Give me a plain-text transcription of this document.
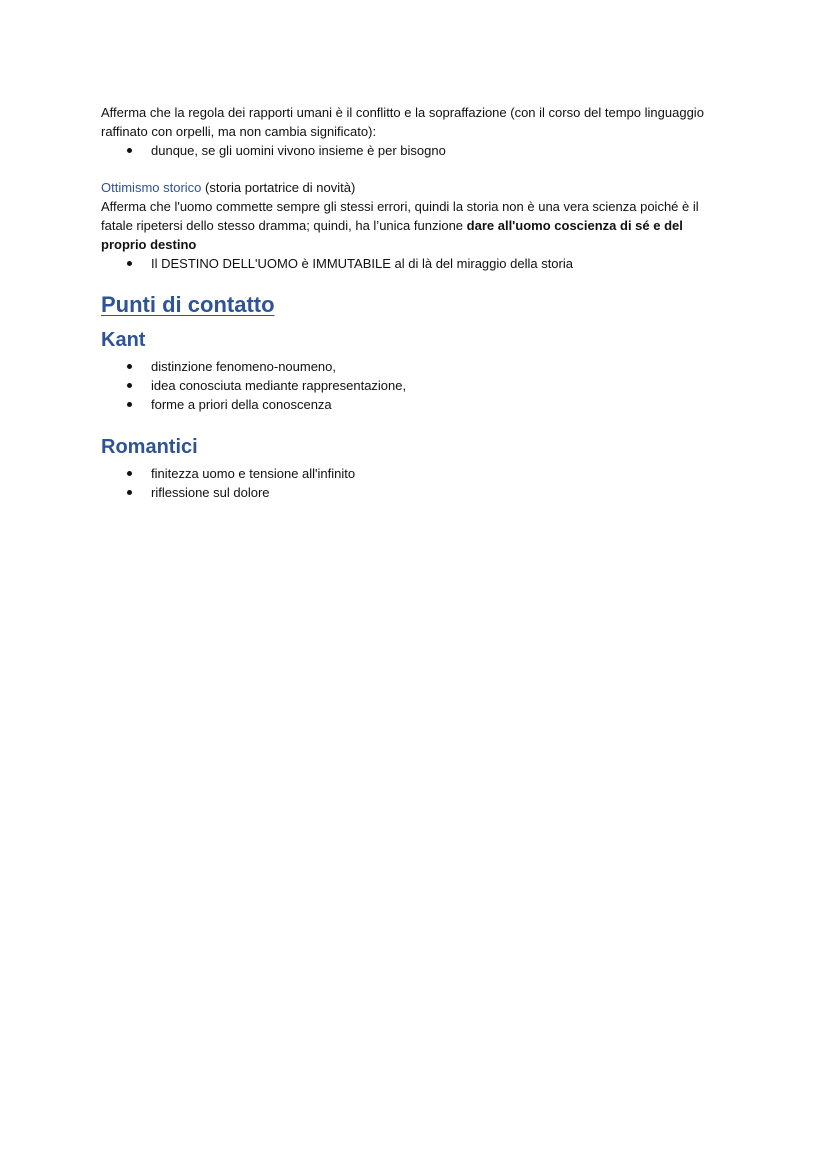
Afferma che la regola dei rapporti umani è il conflitto e la sopraffazione (con il corso del tempo linguaggio raffinato con orpelli, ma non cambia significato):

dunque, se gli uomini vivono insieme è per bisogno

Ottimismo storico (storia portatrice di novità)

Afferma che l'uomo commette sempre gli stessi errori, quindi la storia non è una vera scienza poiché è il fatale ripetersi dello stesso dramma; quindi, ha l’unica funzione dare all'uomo coscienza di sé e del proprio destino

Il DESTINO DELL'UOMO è IMMUTABILE al di là del miraggio della storia
Punti di contatto
Kant
distinzione fenomeno-noumeno,
idea conosciuta mediante rappresentazione,
forme a priori della conoscenza
Romantici
finitezza uomo e tensione all'infinito
riflessione sul dolore
